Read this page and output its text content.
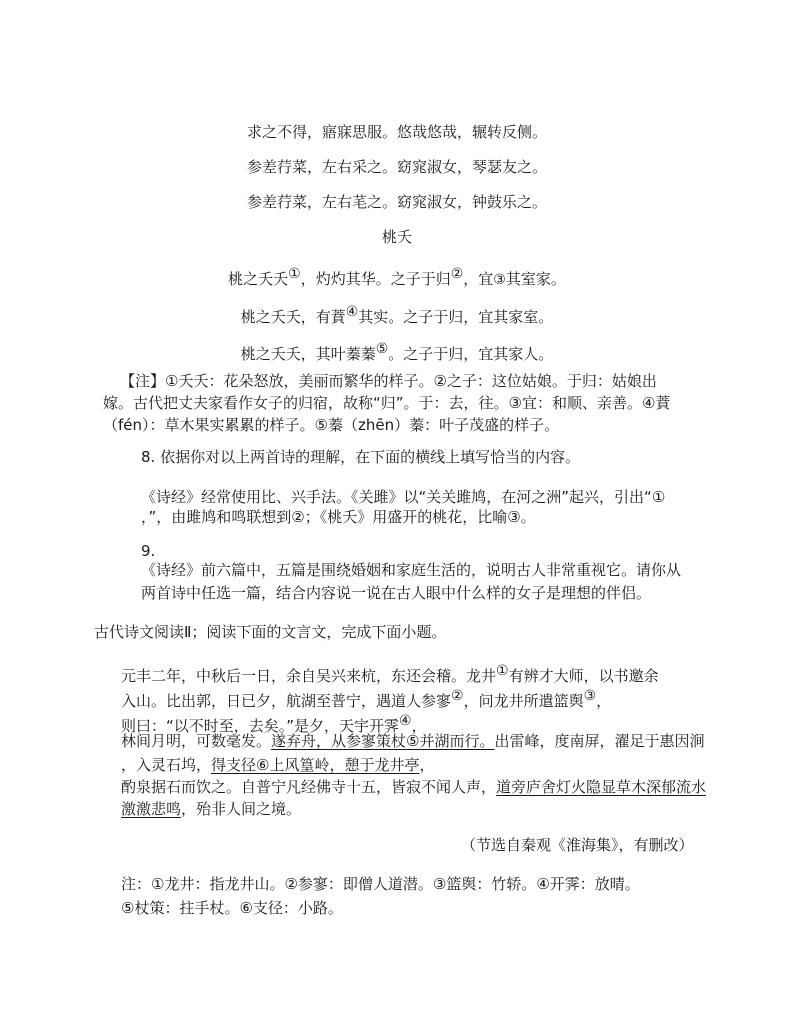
求之不得，寤寐思服。悠哉悠哉，辗转反侧。
参差荇菜，左右采之。窈窕淑女，琴瑟友之。
参差荇菜，左右芼之。窈窕淑女，钟鼓乐之。
桃夭
桃之夭夭①，灼灼其华。之子于归②，宜③其室家。
桃之夭夭，有蕡④其实。之子于归，宜其家室。
桃之夭夭，其叶蓁蓁⑤。之子于归，宜其家人。
【注】①夭夭：花朵怒放，美丽而繁华的样子。②之子：这位姑娘。于归：姑娘出
嫁。古代把丈夫家看作女子的归宿，故称“归”。于：去，往。③宜：和顺、亲善。④蕡
（fén）：草木果实累累的样子。⑤蓁（zhēn）蓁：叶子茂盛的样子。
8. 依据你对以上两首诗的理解，在下面的横线上填写恰当的内容。
《诗经》经常使用比、兴手法。《关雎》以“关关雎鸠，在河之洲”起兴，引出“①
，”，由雎鸠和鸣联想到②；《桃夭》用盛开的桃花，比喻③。
9.
《诗经》前六篇中，五篇是围绕婚姻和家庭生活的，说明古人非常重视它。请你从
两首诗中任选一篇，结合内容说一说在古人眼中什么样的女子是理想的伴侣。
古代诗文阅读Ⅱ；阅读下面的文言文，完成下面小题。
元丰二年，中秋后一日，余自吴兴来杭，东还会稽。龙井①有辨才大师，以书邀余
入山。比出郭，日已夕，航湖至普宁，遇道人参寥②，问龙井所遣篮舆③，
则曰：“以不时至，去矣。”是夕，天宇开霁④，
林间月明，可数毫发。遂弃舟，从参寥策杖⑤并湖而行。出雷峰，度南屏，濯足于惠因涧
，入灵石坞，得支径⑥上风篁岭，憩于龙井亭，
酌泉据石而饮之。自普宁凡经佛寺十五，皆寂不闻人声，道旁庐舍灯火隐显草木深郁流水
激激悲鸣，殆非人间之境。
（节选自秦观《淮海集》，有删改）
注：①龙井：指龙井山。②参寥：即僧人道潜。③篮舆：竹轿。④开霁：放晴。
⑤杖策：拄手杖。⑥支径：小路。
